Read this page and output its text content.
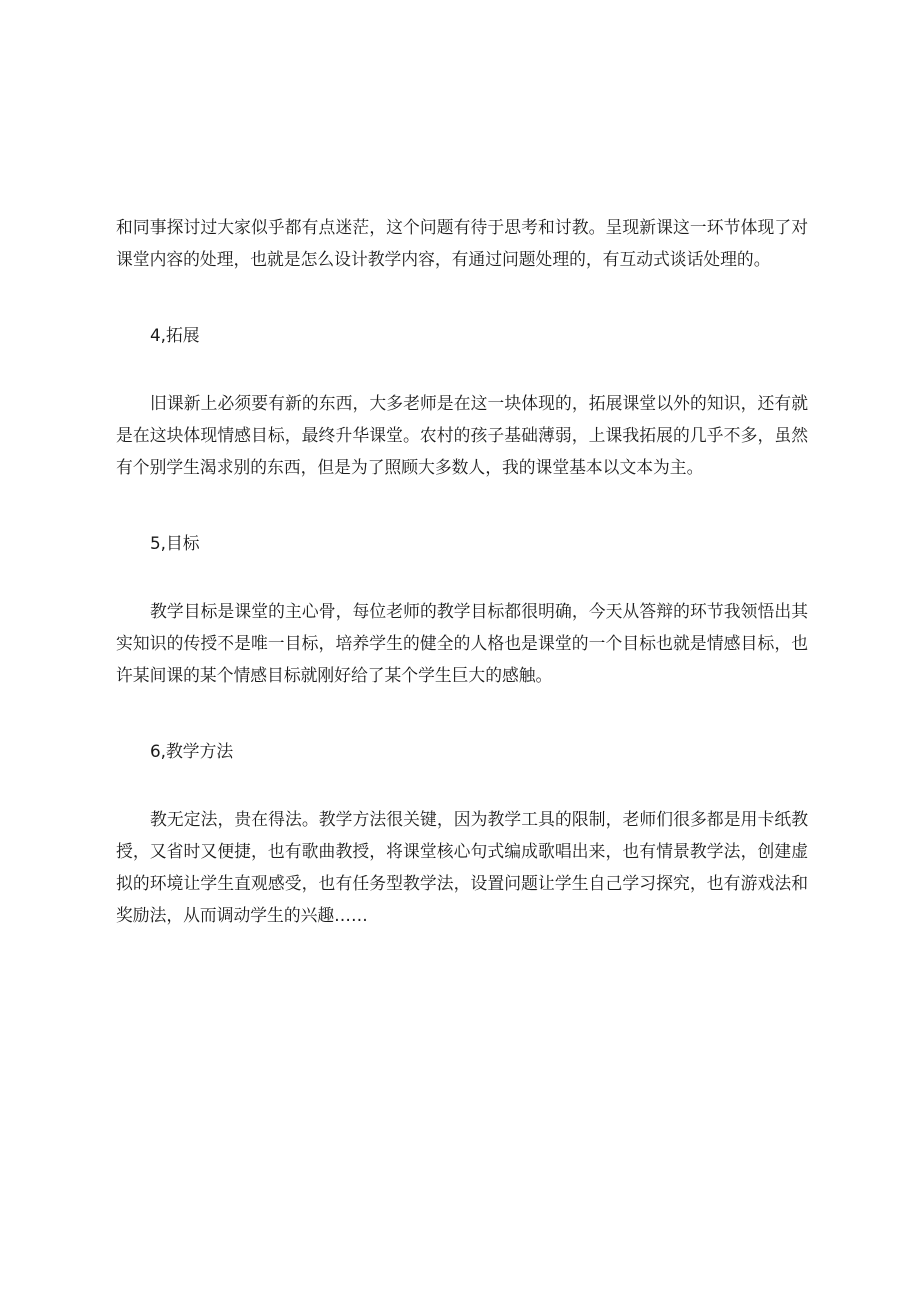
和同事探讨过大家似乎都有点迷茫，这个问题有待于思考和讨教。呈现新课这一环节体现了对课堂内容的处理，也就是怎么设计教学内容，有通过问题处理的，有互动式谈话处理的。

4,拓展

旧课新上必须要有新的东西，大多老师是在这一块体现的，拓展课堂以外的知识，还有就是在这块体现情感目标，最终升华课堂。农村的孩子基础薄弱，上课我拓展的几乎不多，虽然有个别学生渴求别的东西，但是为了照顾大多数人，我的课堂基本以文本为主。

5,目标

教学目标是课堂的主心骨，每位老师的教学目标都很明确，今天从答辩的环节我领悟出其实知识的传授不是唯一目标，培养学生的健全的人格也是课堂的一个目标也就是情感目标，也许某间课的某个情感目标就刚好给了某个学生巨大的感触。

6,教学方法

教无定法，贵在得法。教学方法很关键，因为教学工具的限制，老师们很多都是用卡纸教授，又省时又便捷，也有歌曲教授，将课堂核心句式编成歌唱出来，也有情景教学法，创建虚拟的环境让学生直观感受，也有任务型教学法，设置问题让学生自己学习探究，也有游戏法和奖励法，从而调动学生的兴趣……
